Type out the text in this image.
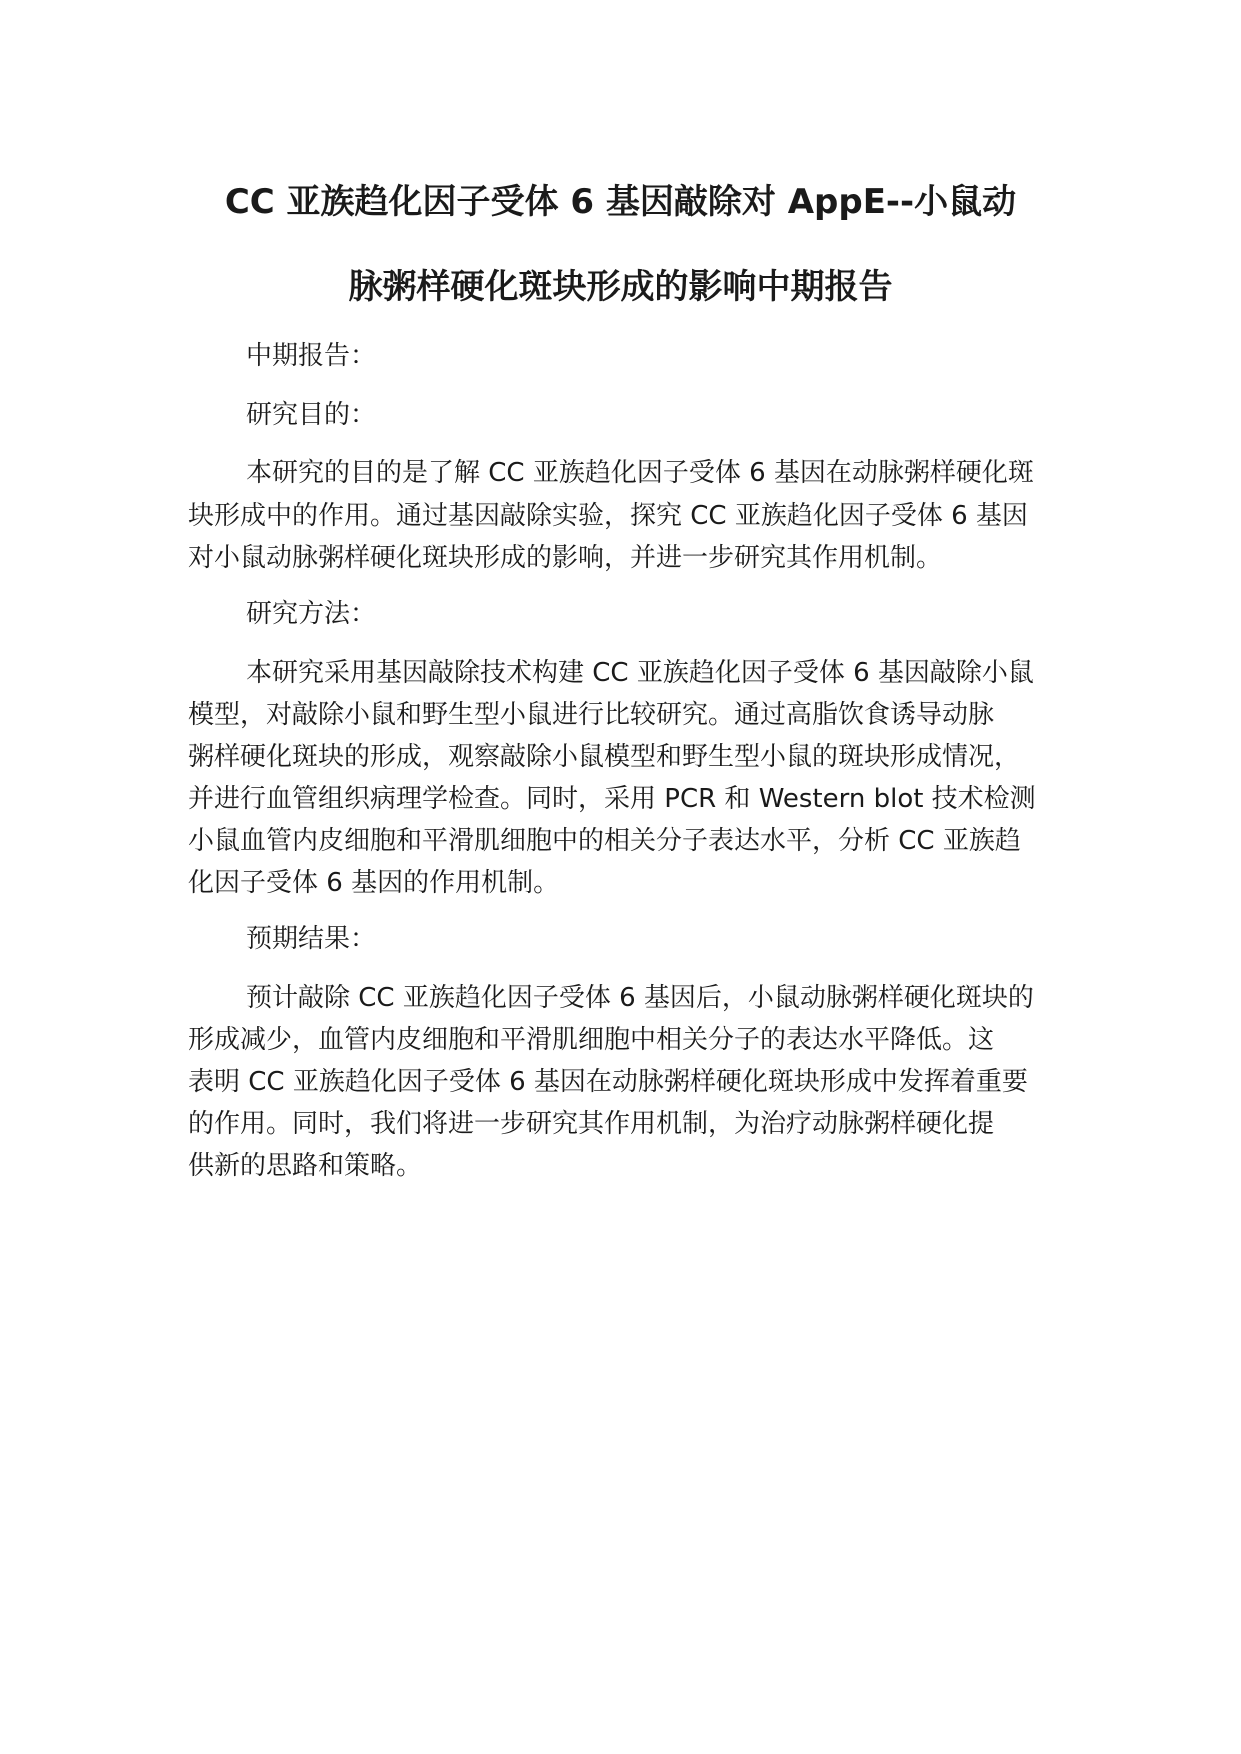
CC 亚族趋化因子受体 6 基因敲除对 AppE--小鼠动
脉粥样硬化斑块形成的影响中期报告
中期报告：
研究目的：
本研究的目的是了解 CC 亚族趋化因子受体 6 基因在动脉粥样硬化斑
块形成中的作用。通过基因敲除实验，探究 CC 亚族趋化因子受体 6 基因
对小鼠动脉粥样硬化斑块形成的影响，并进一步研究其作用机制。
研究方法：
本研究采用基因敲除技术构建 CC 亚族趋化因子受体 6 基因敲除小鼠
模型，对敲除小鼠和野生型小鼠进行比较研究。通过高脂饮食诱导动脉
粥样硬化斑块的形成，观察敲除小鼠模型和野生型小鼠的斑块形成情况，
并进行血管组织病理学检查。同时，采用 PCR 和 Western blot 技术检测
小鼠血管内皮细胞和平滑肌细胞中的相关分子表达水平，分析 CC 亚族趋
化因子受体 6 基因的作用机制。
预期结果：
预计敲除 CC 亚族趋化因子受体 6 基因后，小鼠动脉粥样硬化斑块的
形成减少，血管内皮细胞和平滑肌细胞中相关分子的表达水平降低。这
表明 CC 亚族趋化因子受体 6 基因在动脉粥样硬化斑块形成中发挥着重要
的作用。同时，我们将进一步研究其作用机制，为治疗动脉粥样硬化提
供新的思路和策略。
